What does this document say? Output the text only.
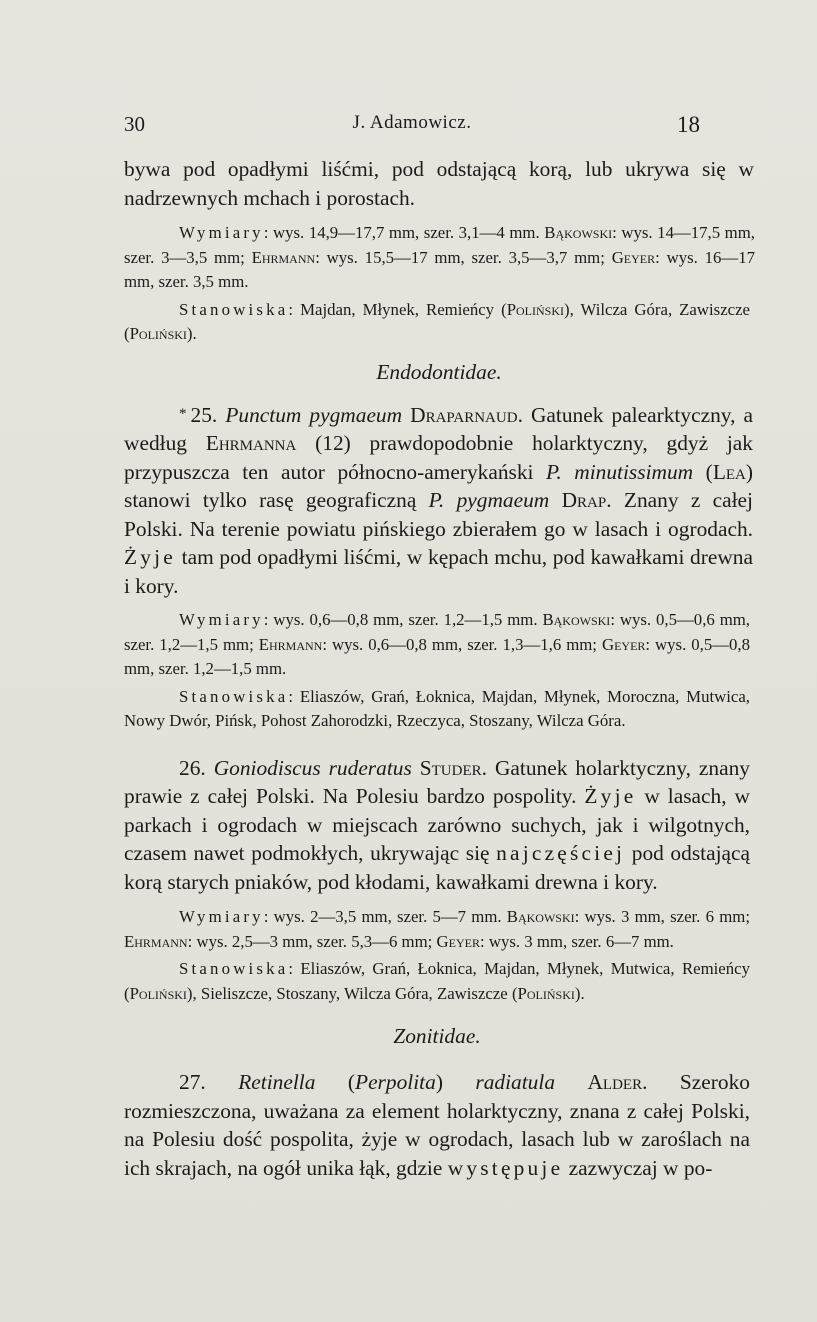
30	J. Adamowicz.	18

bywa pod opadłymi liśćmi, pod odstającą korą, lub ukrywa się w nadrzewnych mchach i porostach.

Wymiary: wys. 14,9—17,7 mm, szer. 3,1—4 mm. Bąkowski: wys. 14—17,5 mm, szer. 3—3,5 mm; Ehrmann: wys. 15,5—17 mm, szer. 3,5—3,7 mm; Geyer: wys. 16—17 mm, szer. 3,5 mm.

Stanowiska: Majdan, Młynek, Remieńcy (Poliński), Wilcza Góra, Zawiszcze (Poliński).

Endodontidae.

* 25. Punctum pygmaeum Draparnaud. Gatunek palearktyczny, a według Ehrmanna (12) prawdopodobnie holarktyczny, gdyż jak przypuszcza ten autor północno-amerykański P. minutissimum (Lea) stanowi tylko rasę geograficzną P. pygmaeum Drap. Znany z całej Polski. Na terenie powiatu pińskiego zbierałem go w lasach i ogrodach. Żyje tam pod opadłymi liśćmi, w kępach mchu, pod kawałkami drewna i kory.

Wymiary: wys. 0,6—0,8 mm, szer. 1,2—1,5 mm. Bąkowski: wys. 0,5—0,6 mm, szer. 1,2—1,5 mm; Ehrmann: wys. 0,6—0,8 mm, szer. 1,3—1,6 mm; Geyer: wys. 0,5—0,8 mm, szer. 1,2—1,5 mm.

Stanowiska: Eliaszów, Grań, Łoknica, Majdan, Młynek, Moroczna, Mutwica, Nowy Dwór, Pińsk, Pohost Zahorodzki, Rzeczyca, Stoszany, Wilcza Góra.

26. Goniodiscus ruderatus Studer. Gatunek holarktyczny, znany prawie z całej Polski. Na Polesiu bardzo pospolity. Żyje w lasach, w parkach i ogrodach w miejscach zarówno suchych, jak i wilgotnych, czasem nawet podmokłych, ukrywając się najczęściej pod odstającą korą starych pniaków, pod kłodami, kawałkami drewna i kory.

Wymiary: wys. 2—3,5 mm, szer. 5—7 mm. Bąkowski: wys. 3 mm, szer. 6 mm; Ehrmann: wys. 2,5—3 mm, szer. 5,3—6 mm; Geyer: wys. 3 mm, szer. 6—7 mm.

Stanowiska: Eliaszów, Grań, Łoknica, Majdan, Młynek, Mutwica, Remieńcy (Poliński), Sieliszcze, Stoszany, Wilcza Góra, Zawiszcze (Poliński).

Zonitidae.

27. Retinella (Perpolita) radiatula Alder. Szeroko rozmieszczona, uważana za element holarktyczny, znana z całej Polski, na Polesiu dość pospolita, żyje w ogrodach, lasach lub w zaroślach na ich skrajach, na ogół unika łąk, gdzie występuje zazwyczaj w po-
